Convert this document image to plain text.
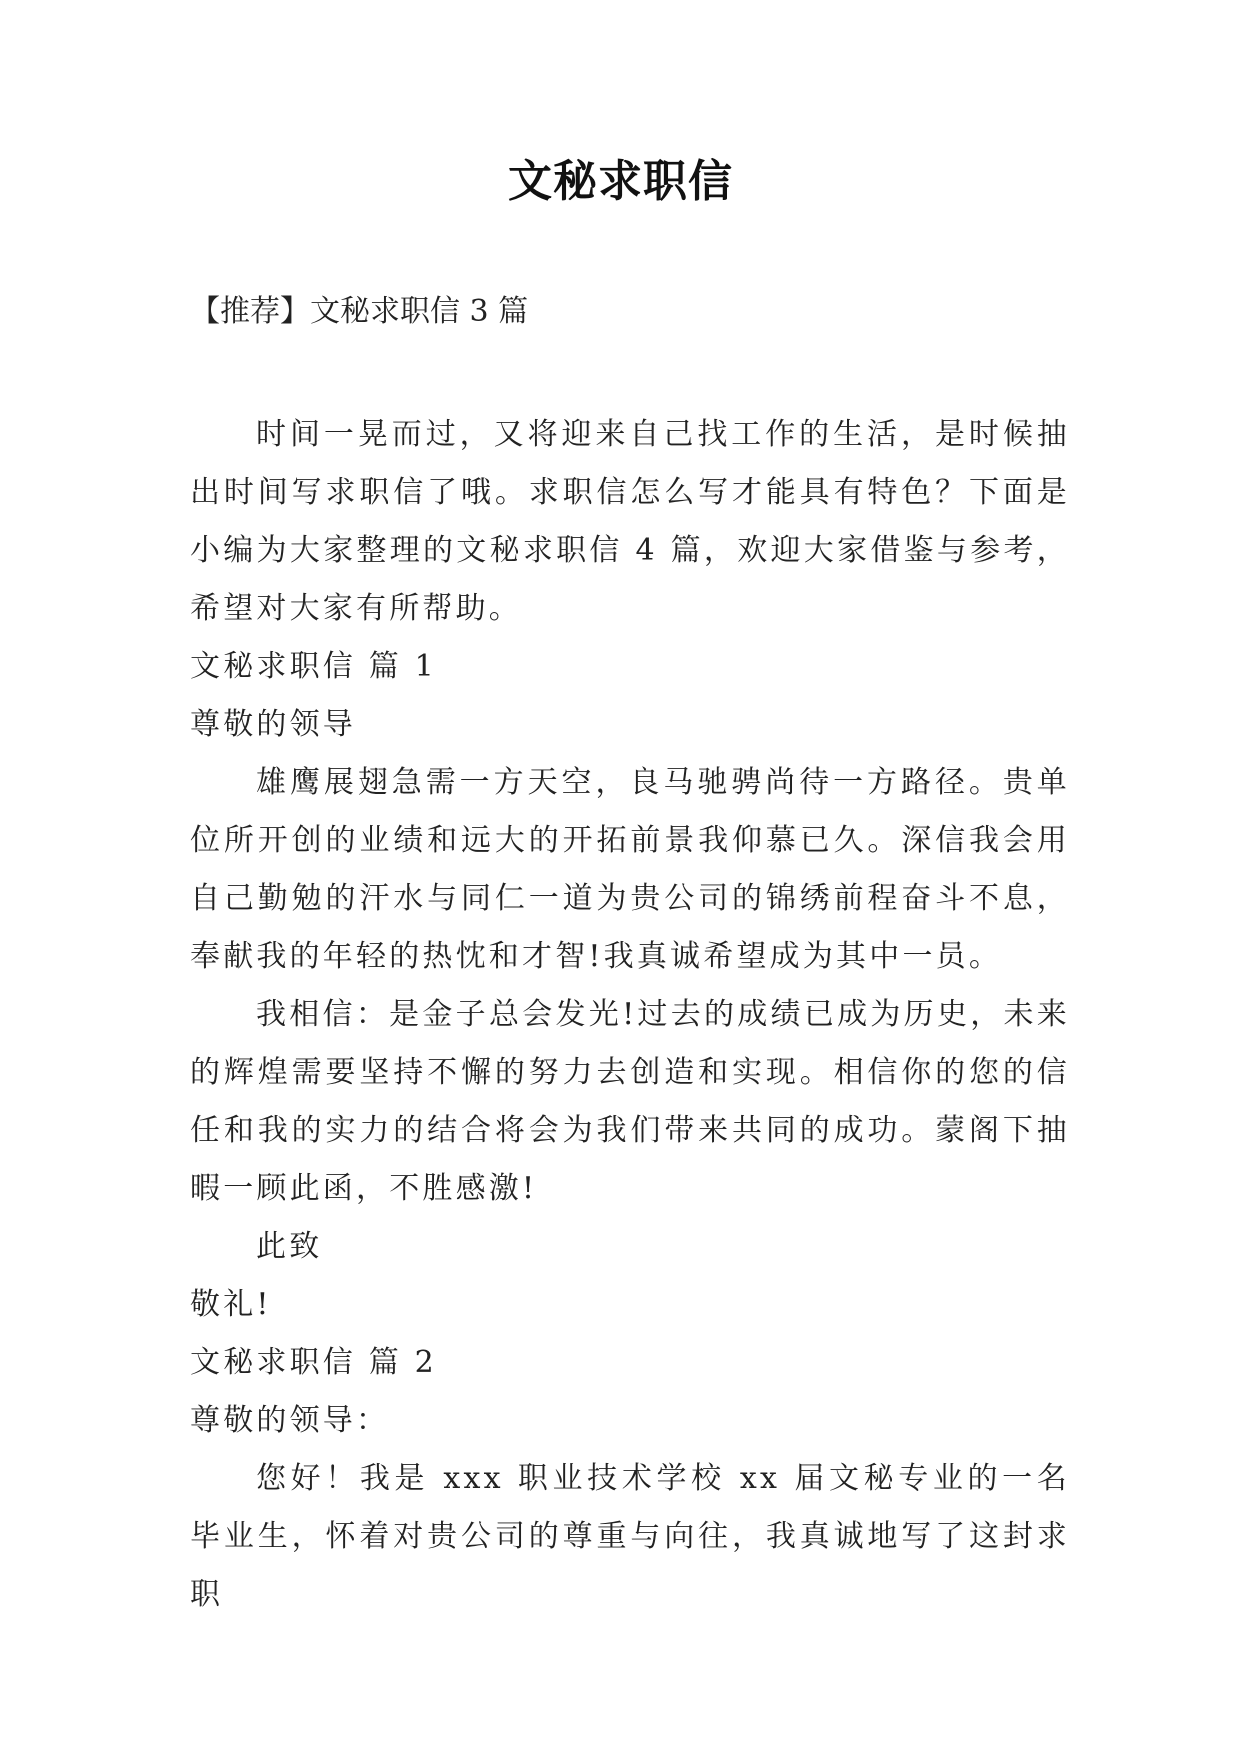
文秘求职信
【推荐】文秘求职信 3 篇

时间一晃而过，又将迎来自己找工作的生活，是时候抽出时间写求职信了哦。求职信怎么写才能具有特色？下面是小编为大家整理的文秘求职信 4 篇，欢迎大家借鉴与参考，希望对大家有所帮助。

文秘求职信 篇 1

尊敬的领导

雄鹰展翅急需一方天空，良马驰骋尚待一方路径。贵单位所开创的业绩和远大的开拓前景我仰慕已久。深信我会用自己勤勉的汗水与同仁一道为贵公司的锦绣前程奋斗不息，奉献我的年轻的热忱和才智!我真诚希望成为其中一员。

我相信：是金子总会发光!过去的成绩已成为历史，未来的辉煌需要坚持不懈的努力去创造和实现。相信你的您的信任和我的实力的结合将会为我们带来共同的成功。蒙阁下抽暇一顾此函，不胜感激!

此致

敬礼!

文秘求职信 篇 2

尊敬的领导：

您好！我是 xxx 职业技术学校 xx 届文秘专业的一名毕业生，怀着对贵公司的尊重与向往，我真诚地写了这封求职
